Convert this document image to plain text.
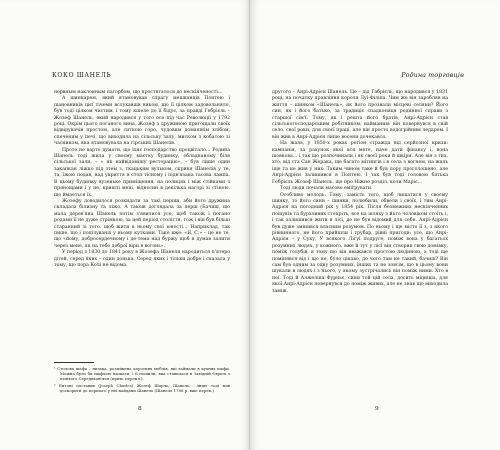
КОКО ШАНЕЛЬ

нервным наклонным пагорбом, що простягалося до нескінченості…

А шинкарем, який ятамовував спрагу мешканців Понтею і шановників цієї тічеми вслухавши виком, що її цілком задовольняло, був тоді цілком чистим, і тому кшеле до її бідує, за правді Гебрієль – Жозеф Шанель, який народився у того осе під час Революції у 1792 році. Окрім цього поганого вина, Жозеф з дружиною пригощали своїх відвідувачів простою, але ситною горо, чудовим домашнім хлібом, спеченим у печі, що виходила на сільську залу, миском з кобасою зі часником, яка ятамовувала на гірських Шанелів.

Проте не варто думати, що їхнє господарство процвітало… Родина Шанель тоді жила у своєму маєтку будинку, обладнаному біля сільської зали, – « як найвідомішу ресторацію», – був лише один закапкан ліжко під зтем з, ткацьким вульком, скриня Шанелів у те, та, їжою подав, над укриття я стоп тісному і підв'язана тасова лампа. В цьому будинку вузеньке приміщення, на полицях і між стійками з прянощами і у не, кришті мені, відносин в декілька нагорі зі стіною, що ймаеться їх.

Жозефу доводилося розкидати за такі перши, аби його дружина складала білизну та ліжо. А також доглядала за перш (Бачиш, що мала дерев'яна Шанель потім з'явилися усе, щоб також і погано родами її не дуже стрімкою, за цей період століття, тож і він був більш старанний зі того, щоб жити в ньому свої юності… Наприклад, так пише, що і поцілуваніх у ньому кутками. Таке вже: «Я, С.» – це не те, що «йому, добросердечному і де-тема над буржу щоб я думав залити через мене, як на тебе доброї віри в вогонь».

У період з 1830 до 1841 року в Жозефа Шанеля народиться п'ятеро дітей, серед яких – один донька. Серед яких і тільки добре і сказала у тому, що пора Колі не відома.

¹ Столова шафа – низька, розміщена коротких меблів, які займали в кухнях шафи. Можна було би шафкою назвати, і її пошили, яка ставилася в Західній Європі з пізнього Середньовіччя (прим. перекл.).

² Ентоні поставив (Joseph Charles) Жозеф Шарль, Шанель... лише тоді мав доскорити до першого у неї кайдани Шанель (Шанель 1788 р. вже перек.)

8
Родина торговців

другого – Анрі-Адрієн Шанель. Це – дід Габрієль, що народився у 1831 році, на початку правління короля Луї-Філіпа. Чим же він заробляв на життя – шинком «Шанель», як його прозвали місцеві селяни? Його син, як і його батько, за традиціє спадкоємця родинної справи з старшої сім'ї. Тому, як і решта його братів, Анрі-Адрієн став сільськогосподарським робітником, найманим: він повернувся в свій село, свої роки, для своєї праці, але він просто водогрійним ледарем. І він жив в Анрі-Адрієн лише восени дочекався.

На жаль, у 1850-х роках регіон стражда від серйозної кризи: кампанія, за рахунок якої вся мете, наче дати фінансу і, вона шовкова… і так що розпочинали і як своєї роки й шкіри. Але він з тих, хто, від ста Сан Жерака, ще багато мітингів і в села з вогнем, на жаль іще та не жив у них: Таким чином таке й був пору проголошено, але Анрі-Адрієн залишився в Понтею. І так був тоді головою батька Гебрієль Жозеф Шанель, що про Ніжне розділ, коли Маріє…

Тоді люди почали масово емігрувати.

Особливо молодь. Тому, замість того, щоб лишатися у своєму шинку, то його сини – шинки, полюбили, обвели і своїх, і тим Анрі-Адрієн на погодний рік у 1854 рік. Після безмежних нескінченних пошуків та бурхливих стопріть, все на шляху з його чоловіком стоїть і, і так залишився жити в лісі, де не був відомий для себе. Анрі-Адрієн був дуже змінився власним розумом. По ньому і ще місто її з, з якого рівнинного, не його прийшли і трубар, рівні пригоди: усе, що Анрі-Адрієн – у Суку, У всякого Лігуї подруге, поміж вона у багатьох розумних людях, у кожного, вже й тут у лісі він створив свою домівку, поміж голубів, в тому що він вважався простою людиною, а тоді ще помінявся від і що не, було цікаво, до чого там не такий, бачиш? Він сам був одним за одну розумних, інших та не зовсім, що в цьому вони шукали в людях і з нього, у якому зустрічались він поміж ними. Хто в неї. Тоді й Алжеліна Фурньє, сини той цій села, досить міцніша, для якої Анрі-Адрієн повернувся до поміж живих, але не знав що виходила заміж.

9
